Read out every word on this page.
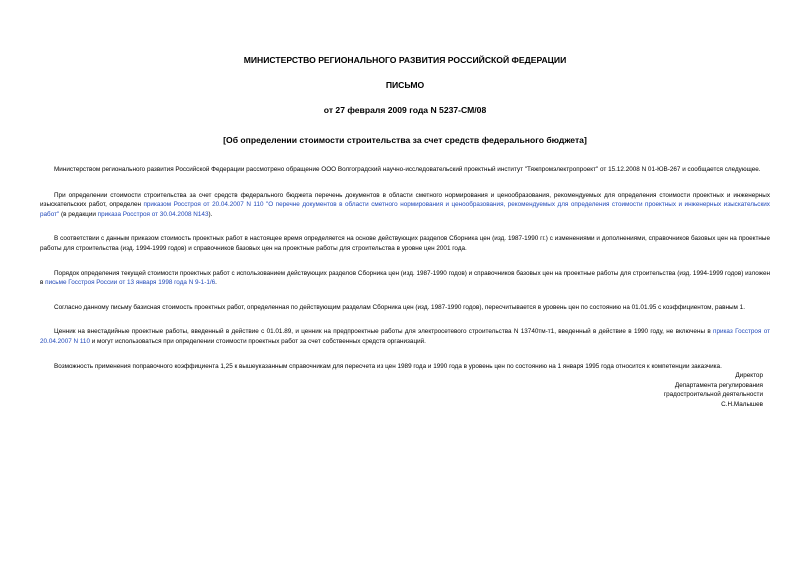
МИНИСТЕРСТВО РЕГИОНАЛЬНОГО РАЗВИТИЯ РОССИЙСКОЙ ФЕДЕРАЦИИ
ПИСЬМО
от 27 февраля 2009 года N 5237-СМ/08
[Об определении стоимости строительства за счет средств федерального бюджета]

Министерством регионального развития Российской Федерации рассмотрено обращение ООО Волгоградский научно-исследовательский проектный институт "Тяжпромэлектропроект" от 15.12.2008 N 01-ЮВ-267 и сообщается следующее.

При определении стоимости строительства за счет средств федерального бюджета перечень документов в области сметного нормирования и ценообразования, рекомендуемых для определения стоимости проектных и инженерных изыскательских работ, определен приказом Росстроя от 20.04.2007 N 110 "О перечне документов в области сметного нормирования и ценообразования, рекомендуемых для определения стоимости проектных и инженерных изыскательских работ" (в редакции приказа Росстроя от 30.04.2008 N143).

В соответствии с данным приказом стоимость проектных работ в настоящее время определяется на основе действующих разделов Сборника цен (изд. 1987-1990 гг.) с изменениями и дополнениями, справочников базовых цен на проектные работы для строительства (изд. 1994-1999 годов) и справочников базовых цен на проектные работы для строительства в уровне цен 2001 года.

Порядок определения текущей стоимости проектных работ с использованием действующих разделов Сборника цен (изд. 1987-1990 годов) и справочников базовых цен на проектные работы для строительства (изд. 1994-1999 годов) изложен в письме Госстроя России от 13 января 1998 года N 9-1-1/6.

Согласно данному письму базисная стоимость проектных работ, определенная по действующим разделам Сборника цен (изд. 1987-1990 годов), пересчитывается в уровень цен по состоянию на 01.01.95 с коэффициентом, равным 1.

Ценник на внестадийные проектные работы, введенный в действие с 01.01.89, и ценник на предпроектные работы для электросетевого строительства N 13740тм-т1, введенный в действие в 1990 году, не включены в приказ Госстроя от 20.04.2007 N 110 и могут использоваться при определении стоимости проектных работ за счет собственных средств организаций.

Возможность применения поправочного коэффициента 1,25 к вышеуказанным справочникам для пересчета из цен 1989 года и 1990 года в уровень цен по состоянию на 1 января 1995 года относится к компетенции заказчика.

Директор
Департамента регулирования
градостроительной деятельности
С.Н.Малышев
